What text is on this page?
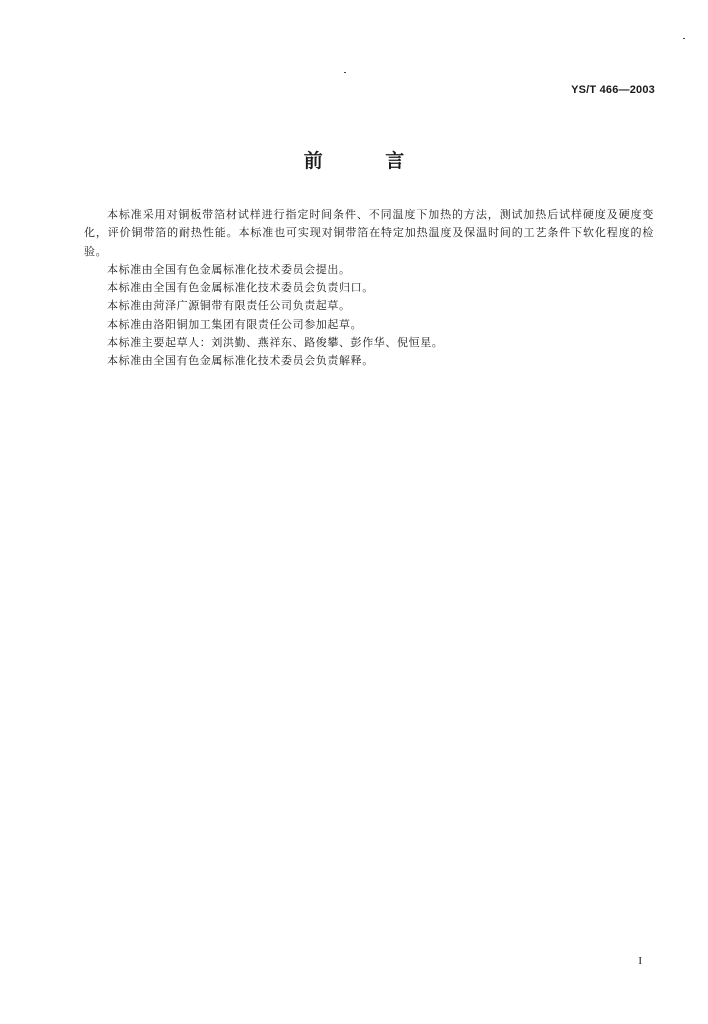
YS/T 466—2003
前 言

本标准采用对铜板带箔材试样进行指定时间条件、不同温度下加热的方法，测试加热后试样硬度及硬度变化，评价铜带箔的耐热性能。本标准也可实现对铜带箔在特定加热温度及保温时间的工艺条件下软化程度的检验。

本标准由全国有色金属标准化技术委员会提出。

本标准由全国有色金属标准化技术委员会负责归口。

本标准由菏泽广源铜带有限责任公司负责起草。

本标准由洛阳铜加工集团有限责任公司参加起草。

本标准主要起草人：刘洪勤、燕祥东、路俊攀、彭作华、倪恒星。

本标准由全国有色金属标准化技术委员会负责解释。

I
